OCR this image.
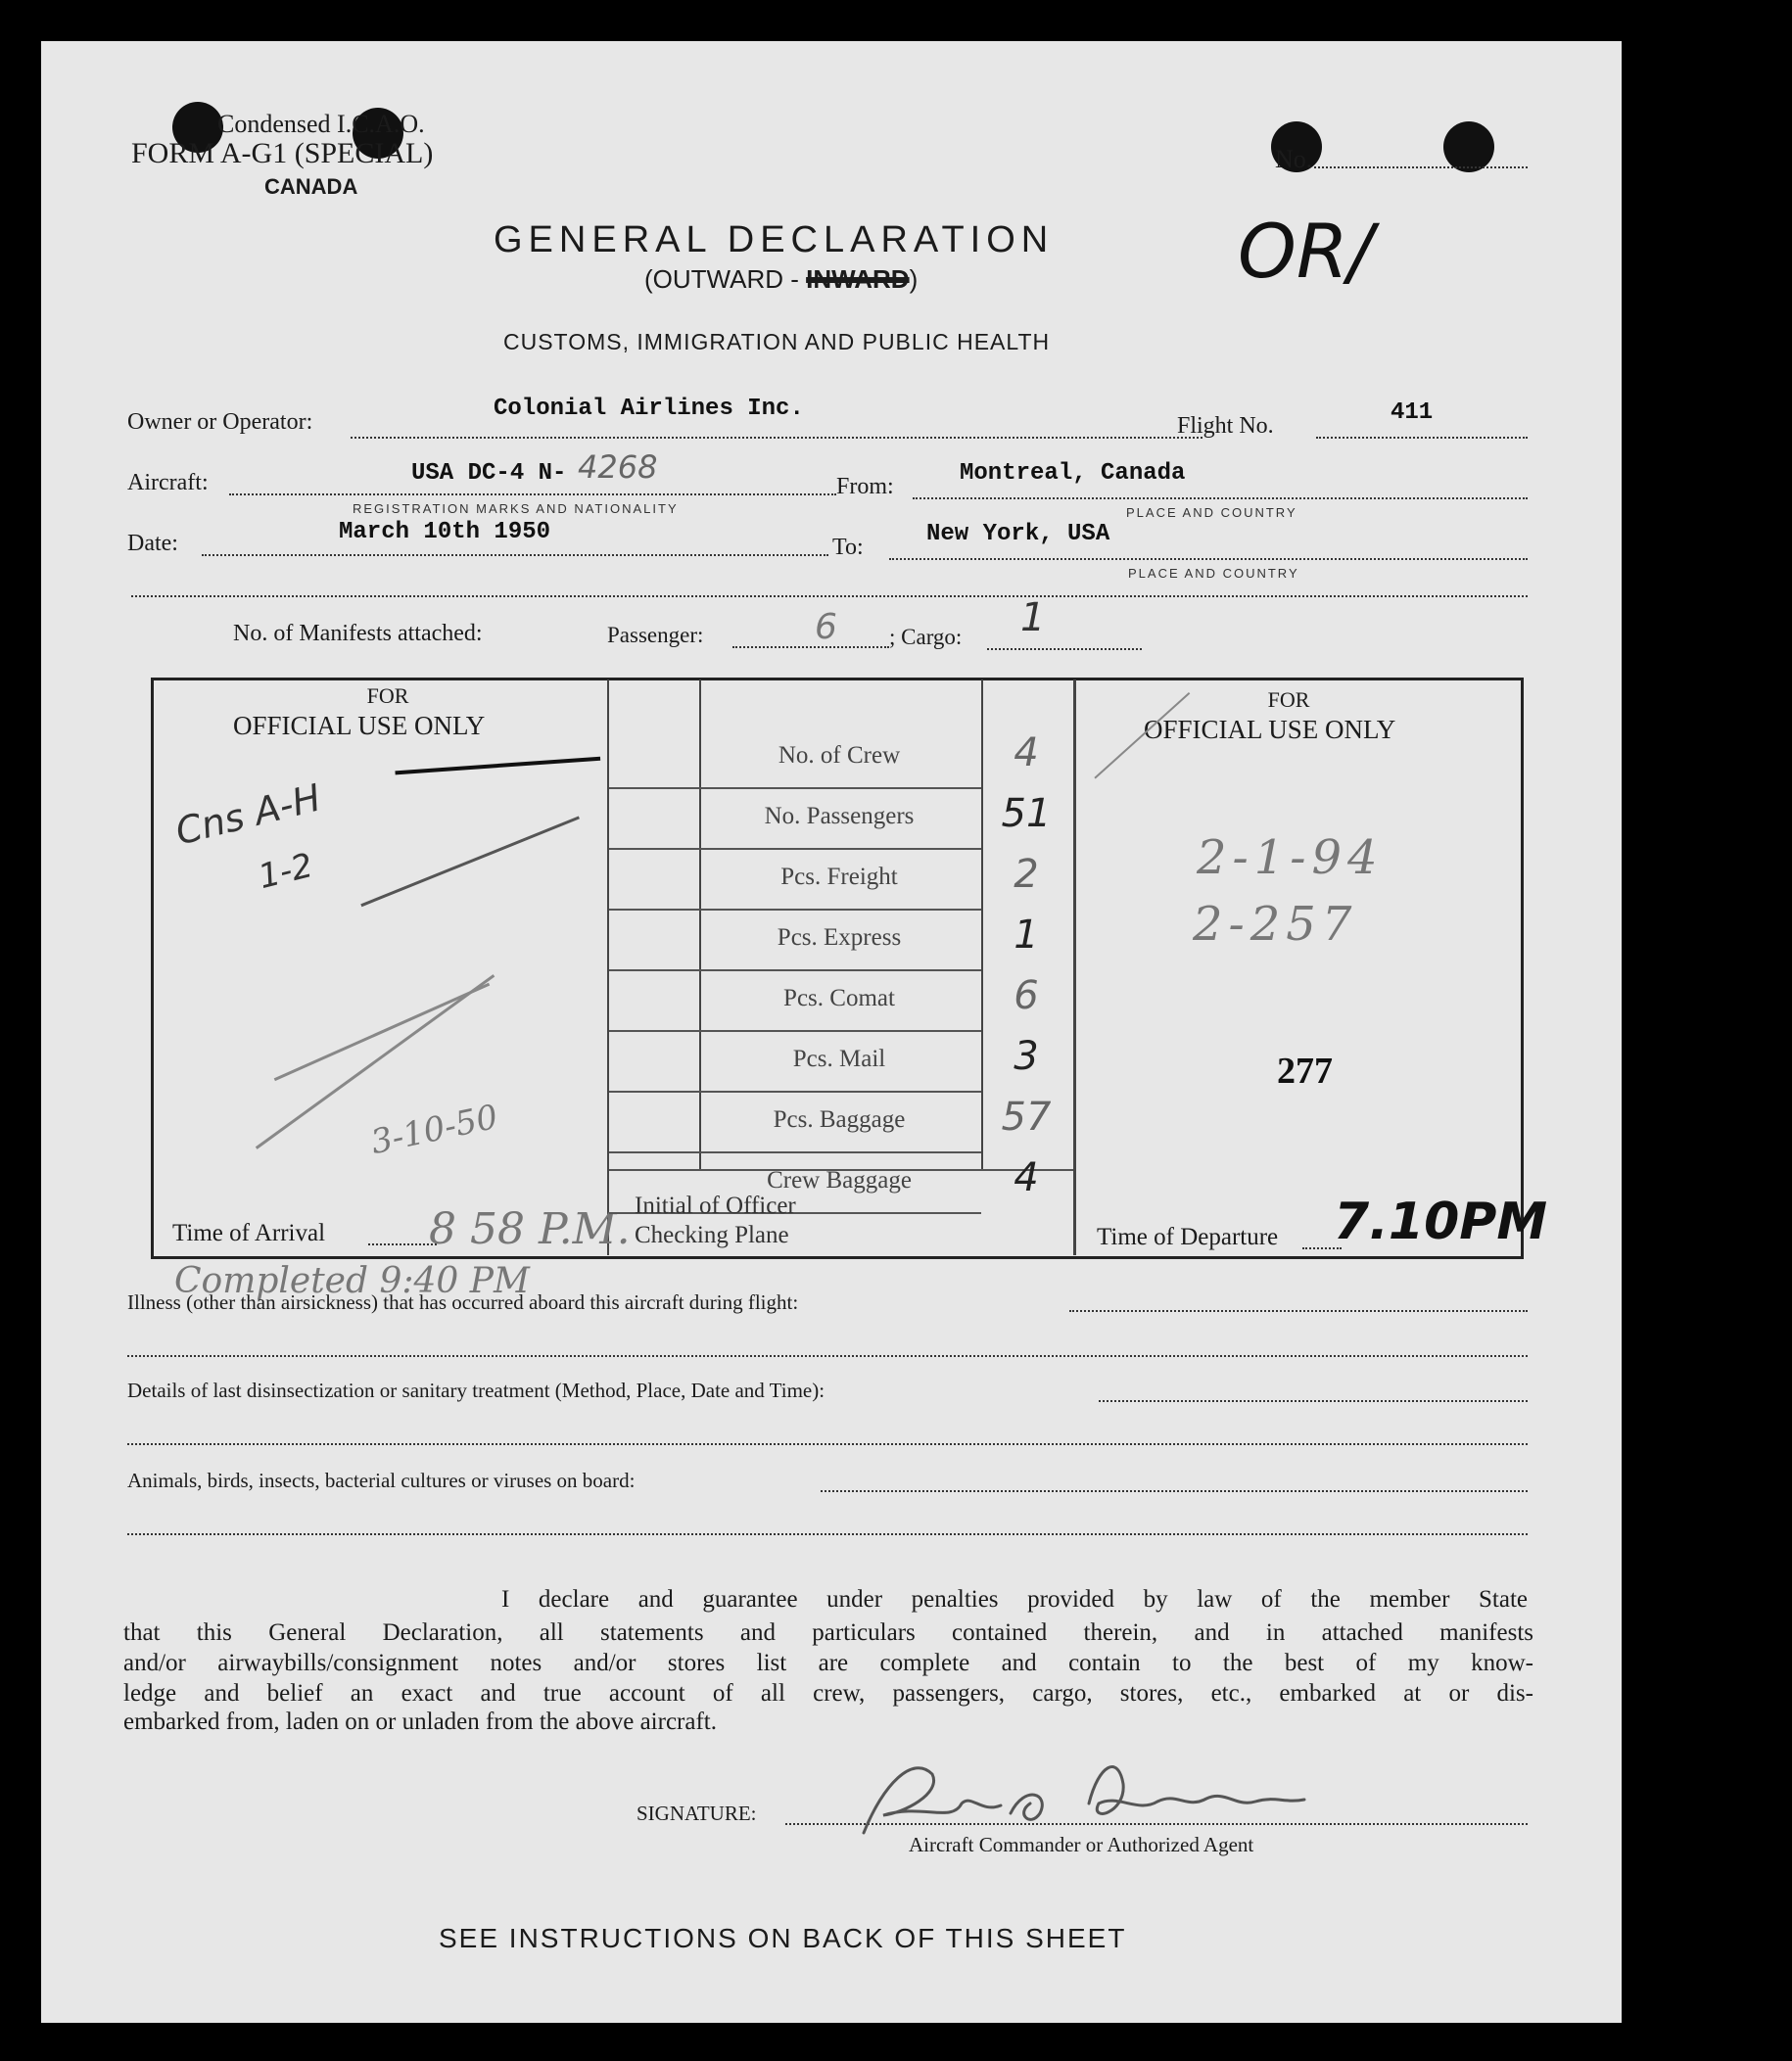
Condensed I.C.A.O.
FORM A-G1 (SPECIAL)
CANADA
No.
GENERAL DECLARATION
(OUTWARD - INWARD)	OR/
CUSTOMS, IMMIGRATION AND PUBLIC HEALTH
Owner or Operator:	Colonial Airlines Inc.
Flight No.	411
Aircraft:	USA DC-4 N- 4268
REGISTRATION MARKS AND NATIONALITY
From:	Montreal, Canada
PLACE AND COUNTRY
Date:	March 10th 1950
To:	New York, USA
PLACE AND COUNTRY
No. of Manifests attached:	Passenger:	6 ; Cargo: 1
FOR
OFFICIAL USE ONLY
Cns A-H
1-2
3-10-50
Time of Arrival 8 58 P.M.
Completed 9:40 PM
No. of Crew	4
No. Passengers	51
Pcs. Freight	2
Pcs. Express	1
Pcs. Comat	6
Pcs. Mail	3
Pcs. Baggage	57
Crew Baggage	4
Initial of Officer
Checking Plane
FOR
OFFICIAL USE ONLY
2-1-94
2-257
277
Time of Departure 7.10PM
Illness (other than airsickness) that has occurred aboard this aircraft during flight:
Details of last disinsectization or sanitary treatment (Method, Place, Date and Time):
Animals, birds, insects, bacterial cultures or viruses on board:
I declare and guarantee under penalties provided by law of the member State
that this General Declaration, all statements and particulars contained therein, and in attached manifests
and/or airwaybills/consignment notes and/or stores list are complete and contain to the best of my know-
ledge and belief an exact and true account of all crew, passengers, cargo, stores, etc., embarked at or dis-
embarked from, laden on or unladen from the above aircraft.
SIGNATURE:
Aircraft Commander or Authorized Agent
SEE INSTRUCTIONS ON BACK OF THIS SHEET
